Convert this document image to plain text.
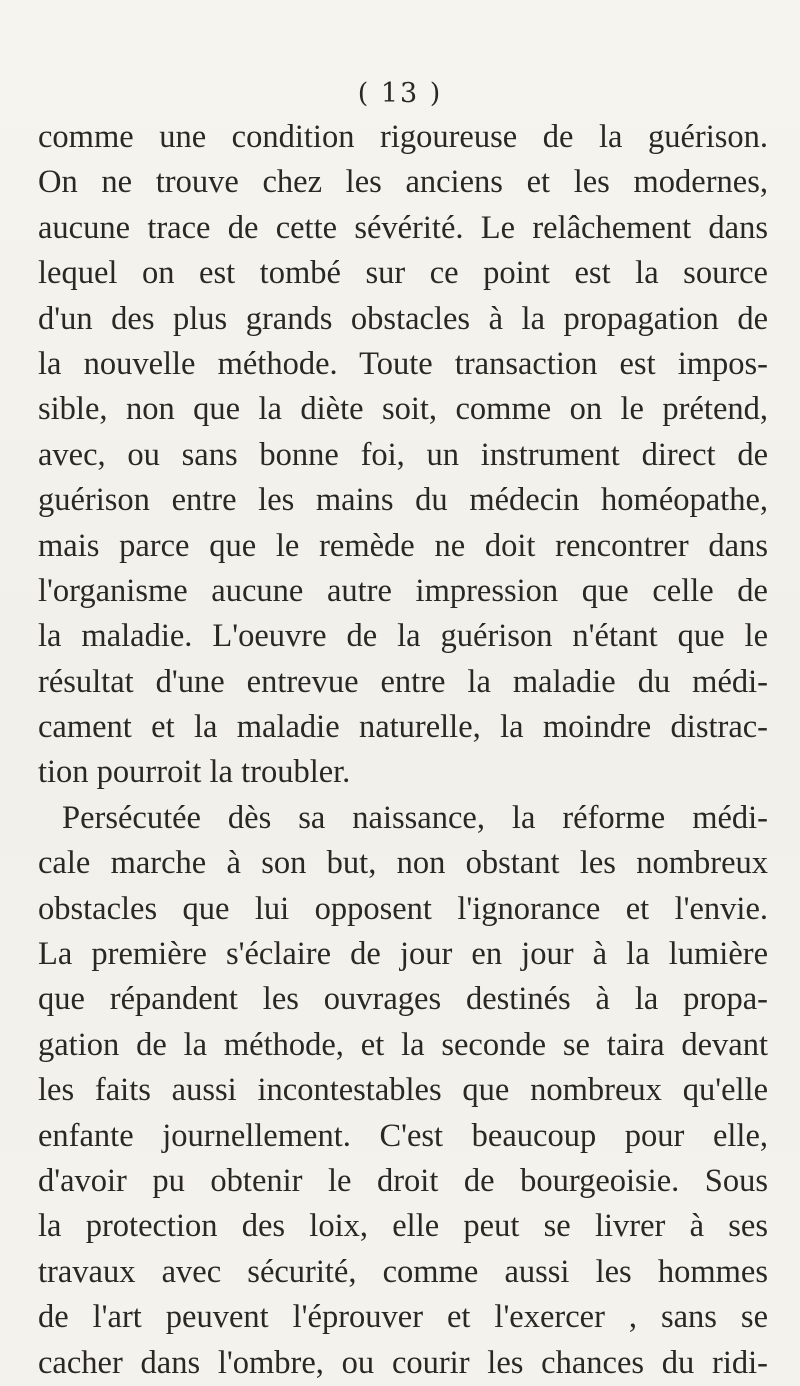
( 13 )
comme une condition rigoureuse de la guérison.
On ne trouve chez les anciens et les modernes,
aucune trace de cette sévérité. Le relâchement dans
lequel on est tombé sur ce point est la source
d'un des plus grands obstacles à la propagation de
la nouvelle méthode. Toute transaction est impos-
sible, non que la diète soit, comme on le prétend,
avec, ou sans bonne foi, un instrument direct de
guérison entre les mains du médecin homéopathe,
mais parce que le remède ne doit rencontrer dans
l'organisme aucune autre impression que celle de
la maladie. L'oeuvre de la guérison n'étant que le
résultat d'une entrevue entre la maladie du médi-
cament et la maladie naturelle, la moindre distrac-
tion pourroit la troubler.
Persécutée dès sa naissance, la réforme médi-
cale marche à son but, non obstant les nombreux
obstacles que lui opposent l'ignorance et l'envie.
La première s'éclaire de jour en jour à la lumière
que répandent les ouvrages destinés à la propa-
gation de la méthode, et la seconde se taira devant
les faits aussi incontestables que nombreux qu'elle
enfante journellement. C'est beaucoup pour elle,
d'avoir pu obtenir le droit de bourgeoisie. Sous
la protection des loix, elle peut se livrer à ses
travaux avec sécurité, comme aussi les hommes
de l'art peuvent l'éprouver et l'exercer , sans se
cacher dans l'ombre, ou courir les chances du ridi-
